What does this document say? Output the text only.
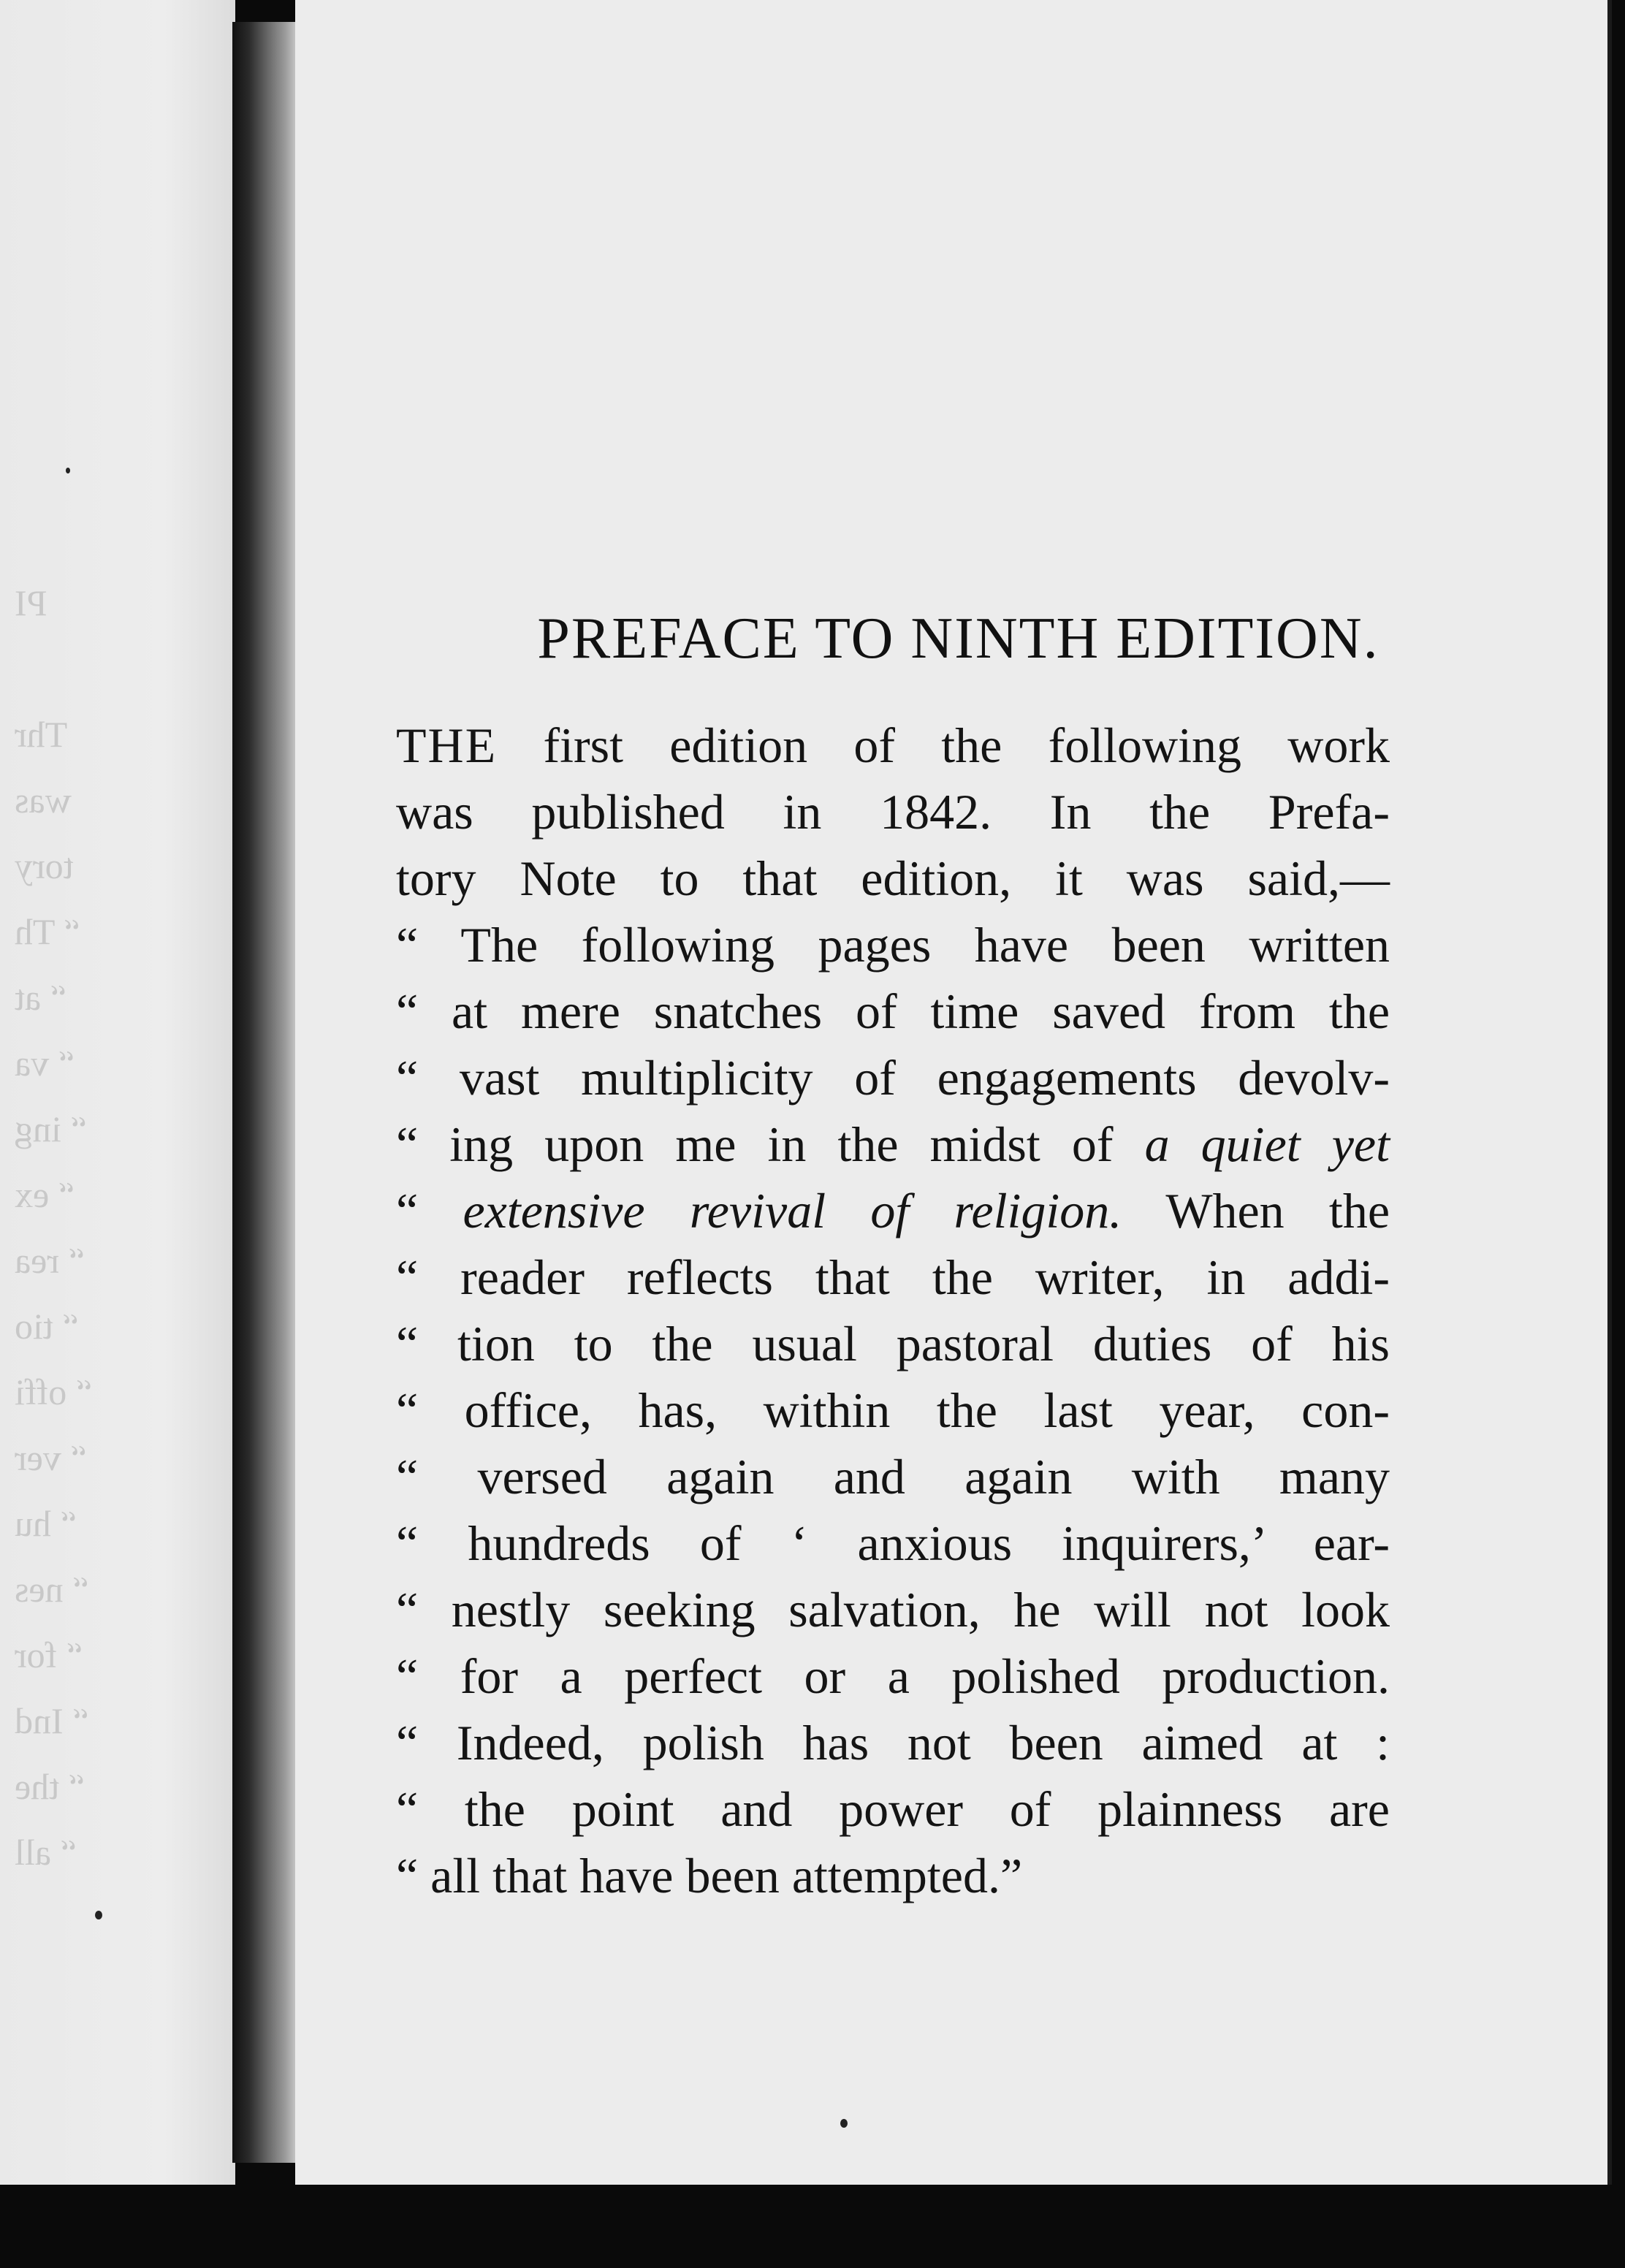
PI
Thr
was
tory
“ Th
“ at
“ va
“ ing
“ ex
“ rea
“ tio
“ offi
“ ver
“ hu
“ nes
“ for
“ Ind
“ the
“ all
PREFACE TO NINTH EDITION.
THE first edition of the following work
was published in 1842. In the Prefa-
tory Note to that edition, it was said,—
“ The following pages have been written
“ at mere snatches of time saved from the
“ vast multiplicity of engagements devolv-
“ ing upon me in the midst of a quiet yet
“ extensive revival of religion. When the
“ reader reflects that the writer, in addi-
“ tion to the usual pastoral duties of his
“ office, has, within the last year, con-
“ versed again and again with many
“ hundreds of ‘ anxious inquirers,’ ear-
“ nestly seeking salvation, he will not look
“ for a perfect or a polished production.
“ Indeed, polish has not been aimed at :
“ the point and power of plainness are
“ all that have been attempted.”
